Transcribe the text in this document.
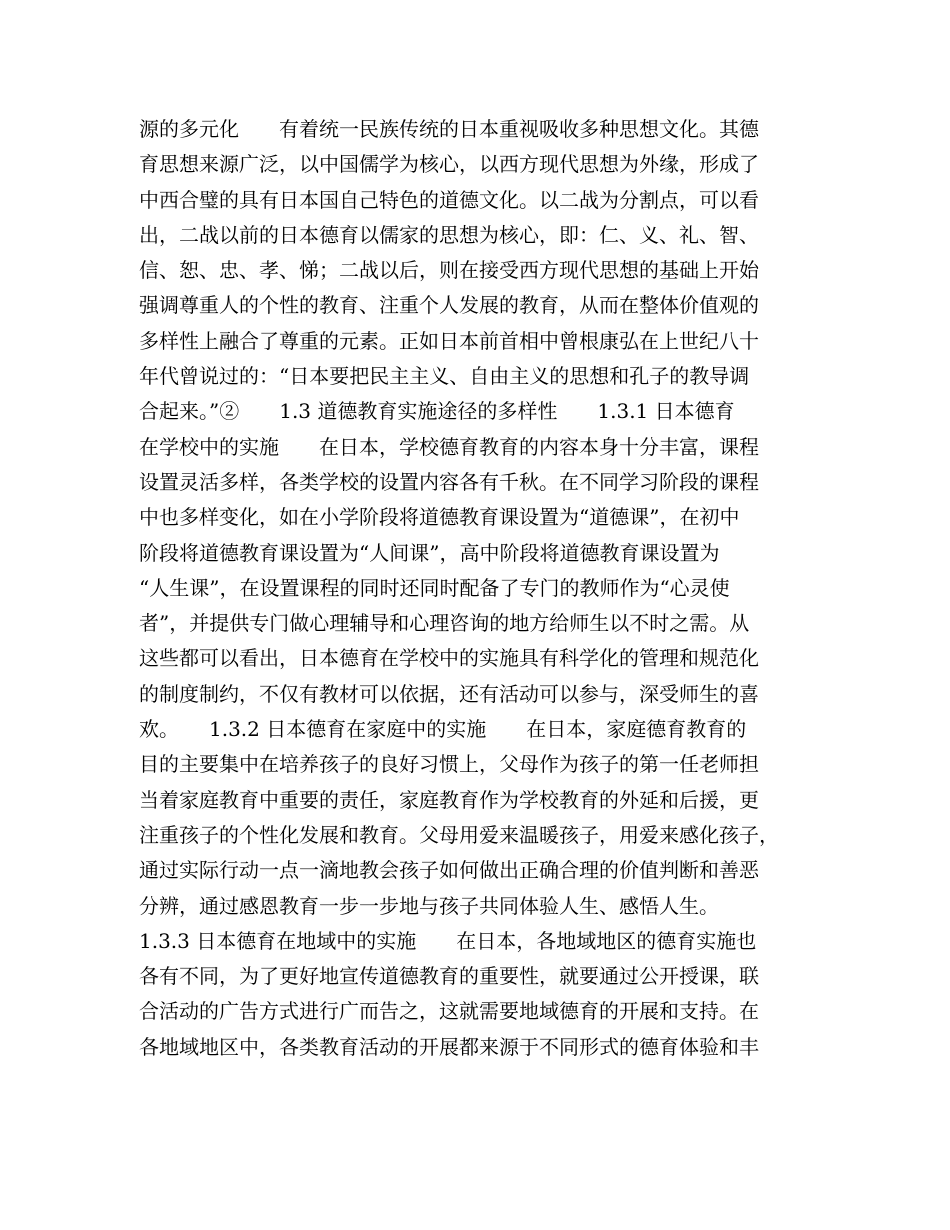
源的多元化　　有着统一民族传统的日本重视吸收多种思想文化。其德
育思想来源广泛，以中国儒学为核心，以西方现代思想为外缘，形成了
中西合璧的具有日本国自己特色的道德文化。以二战为分割点，可以看
出，二战以前的日本德育以儒家的思想为核心，即：仁、义、礼、智、
信、恕、忠、孝、悌；二战以后，则在接受西方现代思想的基础上开始
强调尊重人的个性的教育、注重个人发展的教育，从而在整体价值观的
多样性上融合了尊重的元素。正如日本前首相中曾根康弘在上世纪八十
年代曾说过的：“日本要把民主主义、自由主义的思想和孔子的教导调
合起来。”②　　1.3 道德教育实施途径的多样性　　1.3.1 日本德育
在学校中的实施　　在日本，学校德育教育的内容本身十分丰富，课程
设置灵活多样，各类学校的设置内容各有千秋。在不同学习阶段的课程
中也多样变化，如在小学阶段将道德教育课设置为“道德课”，在初中
阶段将道德教育课设置为“人间课”，高中阶段将道德教育课设置为
“人生课”，在设置课程的同时还同时配备了专门的教师作为“心灵使
者”，并提供专门做心理辅导和心理咨询的地方给师生以不时之需。从
这些都可以看出，日本德育在学校中的实施具有科学化的管理和规范化
的制度制约，不仅有教材可以依据，还有活动可以参与，深受师生的喜
欢。　　1.3.2 日本德育在家庭中的实施　　在日本，家庭德育教育的
目的主要集中在培养孩子的良好习惯上，父母作为孩子的第一任老师担
当着家庭教育中重要的责任，家庭教育作为学校教育的外延和后援，更
注重孩子的个性化发展和教育。父母用爱来温暖孩子，用爱来感化孩子，
通过实际行动一点一滴地教会孩子如何做出正确合理的价值判断和善恶
分辨，通过感恩教育一步一步地与孩子共同体验人生、感悟人生。
1.3.3 日本德育在地域中的实施　　在日本，各地域地区的德育实施也
各有不同，为了更好地宣传道德教育的重要性，就要通过公开授课，联
合活动的广告方式进行广而告之，这就需要地域德育的开展和支持。在
各地域地区中，各类教育活动的开展都来源于不同形式的德育体验和丰
